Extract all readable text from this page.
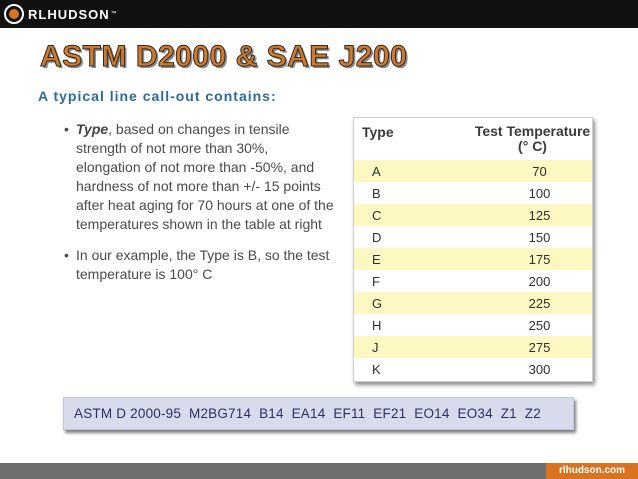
RLHUDSON ™
ASTM D2000 & SAE J200
A typical line call-out contains:
• Type, based on changes in tensile strength of not more than 30%, elongation of not more than -50%, and hardness of not more than +/- 15 points after heat aging for 70 hours at one of the temperatures shown in the table at right
• In our example, the Type is B, so the test temperature is 100° C
Type	Test Temperature
(° C)
A	70
B	100
C	125
D	150
E	175
F	200
G	225
H	250
J	275
K	300
ASTM D 2000-95  M2BG714  B14  EA14  EF11  EF21  EO14  EO34  Z1  Z2
rlhudson.com
